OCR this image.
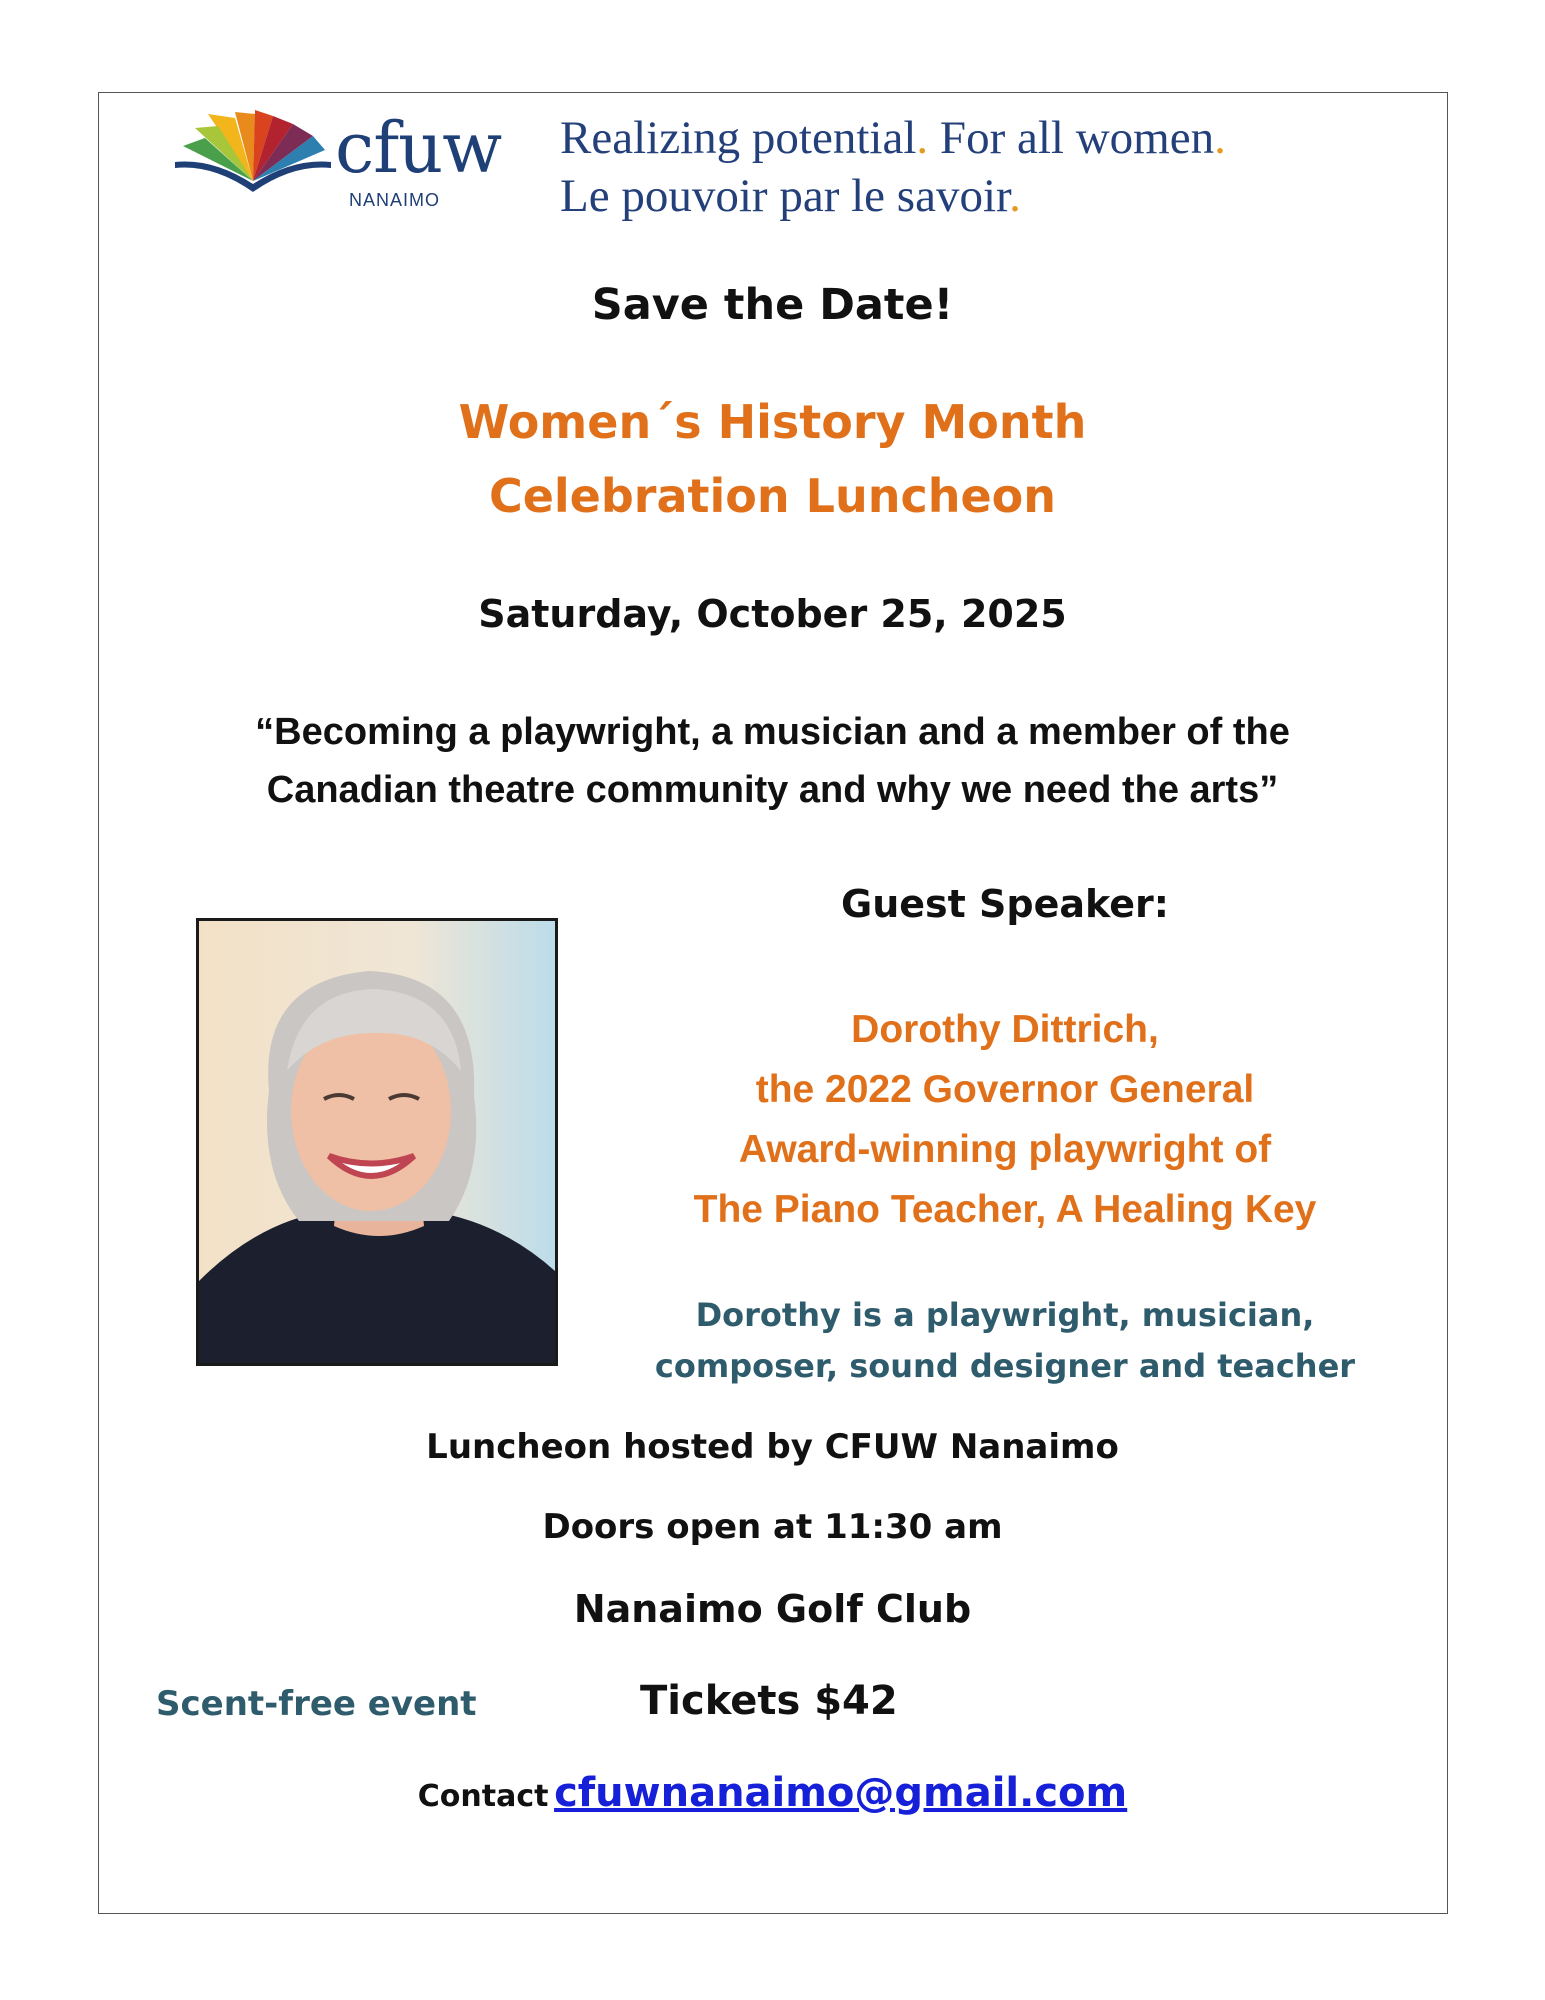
cfuw
NANAIMO
Realizing potential. For all women.
Le pouvoir par le savoir.
Save the Date!
Women´s History Month
Celebration Luncheon
Saturday, October 25, 2025
“Becoming a playwright, a musician and a member of the
Canadian theatre community and why we need the arts”
Guest Speaker:
Dorothy Dittrich,
the 2022 Governor General
Award-winning playwright of
The Piano Teacher, A Healing Key
Dorothy is a playwright, musician,
composer, sound designer and teacher
Luncheon hosted by CFUW Nanaimo
Doors open at 11:30 am
Nanaimo Golf Club
Scent-free event	Tickets $42
Contact cfuwnanaimo@gmail.com
